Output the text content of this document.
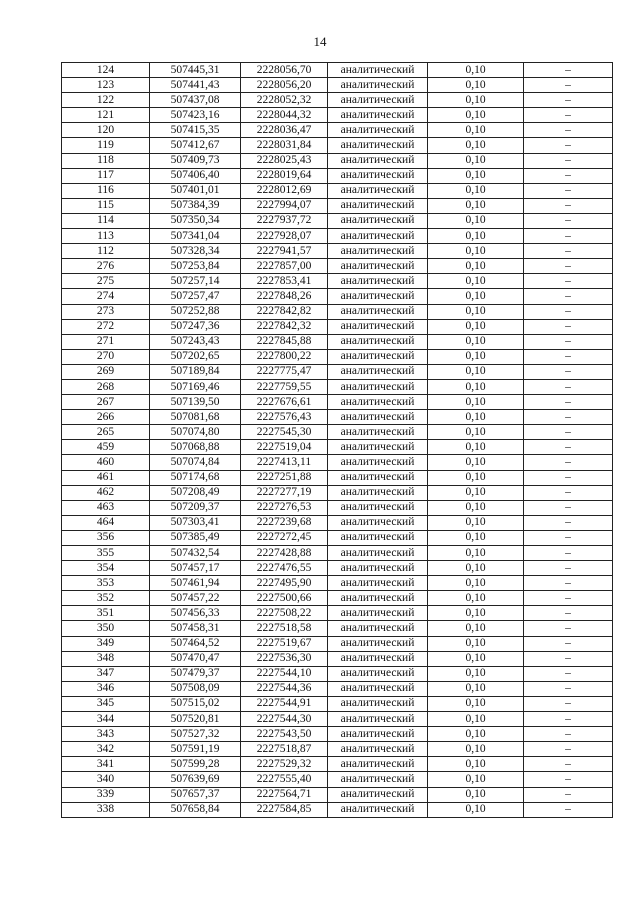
14
124	507445,31	2228056,70	аналитический	0,10	–
123	507441,43	2228056,20	аналитический	0,10	–
122	507437,08	2228052,32	аналитический	0,10	–
121	507423,16	2228044,32	аналитический	0,10	–
120	507415,35	2228036,47	аналитический	0,10	–
119	507412,67	2228031,84	аналитический	0,10	–
118	507409,73	2228025,43	аналитический	0,10	–
117	507406,40	2228019,64	аналитический	0,10	–
116	507401,01	2228012,69	аналитический	0,10	–
115	507384,39	2227994,07	аналитический	0,10	–
114	507350,34	2227937,72	аналитический	0,10	–
113	507341,04	2227928,07	аналитический	0,10	–
112	507328,34	2227941,57	аналитический	0,10	–
276	507253,84	2227857,00	аналитический	0,10	–
275	507257,14	2227853,41	аналитический	0,10	–
274	507257,47	2227848,26	аналитический	0,10	–
273	507252,88	2227842,82	аналитический	0,10	–
272	507247,36	2227842,32	аналитический	0,10	–
271	507243,43	2227845,88	аналитический	0,10	–
270	507202,65	2227800,22	аналитический	0,10	–
269	507189,84	2227775,47	аналитический	0,10	–
268	507169,46	2227759,55	аналитический	0,10	–
267	507139,50	2227676,61	аналитический	0,10	–
266	507081,68	2227576,43	аналитический	0,10	–
265	507074,80	2227545,30	аналитический	0,10	–
459	507068,88	2227519,04	аналитический	0,10	–
460	507074,84	2227413,11	аналитический	0,10	–
461	507174,68	2227251,88	аналитический	0,10	–
462	507208,49	2227277,19	аналитический	0,10	–
463	507209,37	2227276,53	аналитический	0,10	–
464	507303,41	2227239,68	аналитический	0,10	–
356	507385,49	2227272,45	аналитический	0,10	–
355	507432,54	2227428,88	аналитический	0,10	–
354	507457,17	2227476,55	аналитический	0,10	–
353	507461,94	2227495,90	аналитический	0,10	–
352	507457,22	2227500,66	аналитический	0,10	–
351	507456,33	2227508,22	аналитический	0,10	–
350	507458,31	2227518,58	аналитический	0,10	–
349	507464,52	2227519,67	аналитический	0,10	–
348	507470,47	2227536,30	аналитический	0,10	–
347	507479,37	2227544,10	аналитический	0,10	–
346	507508,09	2227544,36	аналитический	0,10	–
345	507515,02	2227544,91	аналитический	0,10	–
344	507520,81	2227544,30	аналитический	0,10	–
343	507527,32	2227543,50	аналитический	0,10	–
342	507591,19	2227518,87	аналитический	0,10	–
341	507599,28	2227529,32	аналитический	0,10	–
340	507639,69	2227555,40	аналитический	0,10	–
339	507657,37	2227564,71	аналитический	0,10	–
338	507658,84	2227584,85	аналитический	0,10	–
